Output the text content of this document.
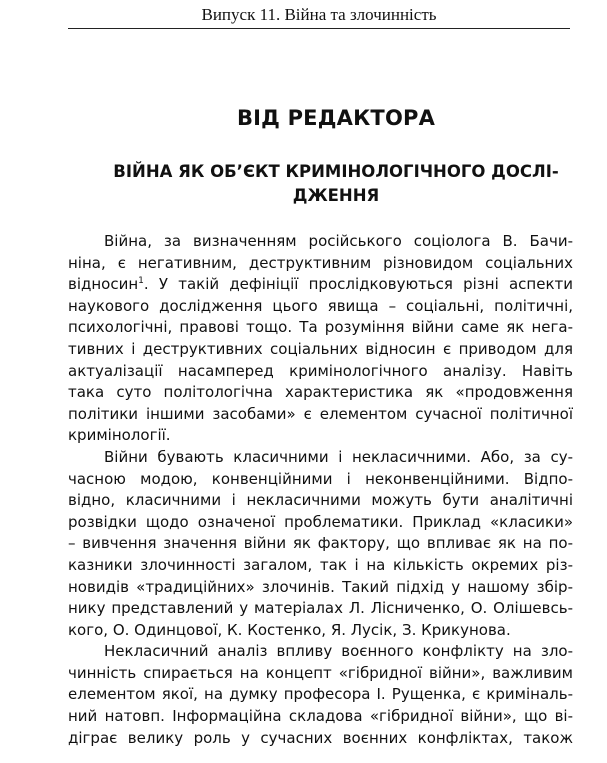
Випуск 11. Війна та злочинність
ВІД РЕДАКТОРА
ВІЙНА ЯК ОБ’ЄКТ КРИМІНОЛОГІЧНОГО ДОСЛІ-
ДЖЕННЯ
Війна, за визначенням російського соціолога В. Бачи-
ніна, є негативним, деструктивним різновидом соціальних
відносин$^1$. У такій дефініції прослідковуються різні аспекти
наукового дослідження цього явища – соціальні, політичні,
психологічні, правові тощо. Та розуміння війни саме як нега-
тивних і деструктивних соціальних відносин є приводом для
актуалізації насамперед кримінологічного аналізу. Навіть
така суто політологічна характеристика як «продовження
політики іншими засобами» є елементом сучасної політичної
кримінології.
Війни бувають класичними і некласичними. Або, за су-
часною модою, конвенційними і неконвенційними. Відпо-
відно, класичними і некласичними можуть бути аналітичні
розвідки щодо означеної проблематики. Приклад «класики»
– вивчення значення війни як фактору, що впливає як на по-
казники злочинності загалом, так і на кількість окремих різ-
новидів «традиційних» злочинів. Такий підхід у нашому збір-
нику представлений у матеріалах Л. Лісниченко, О. Олішевсь-
кого, О. Одинцової, К. Костенко, Я. Лусік, З. Крикунова.
Некласичний аналіз впливу воєнного конфлікту на зло-
чинність спирається на концепт «гібридної війни», важливим
елементом якої, на думку професора І. Рущенка, є криміналь-
ний натовп. Інформаційна складова «гібридної війни», що ві-
діграє велику роль у сучасних воєнних конфліктах, також
